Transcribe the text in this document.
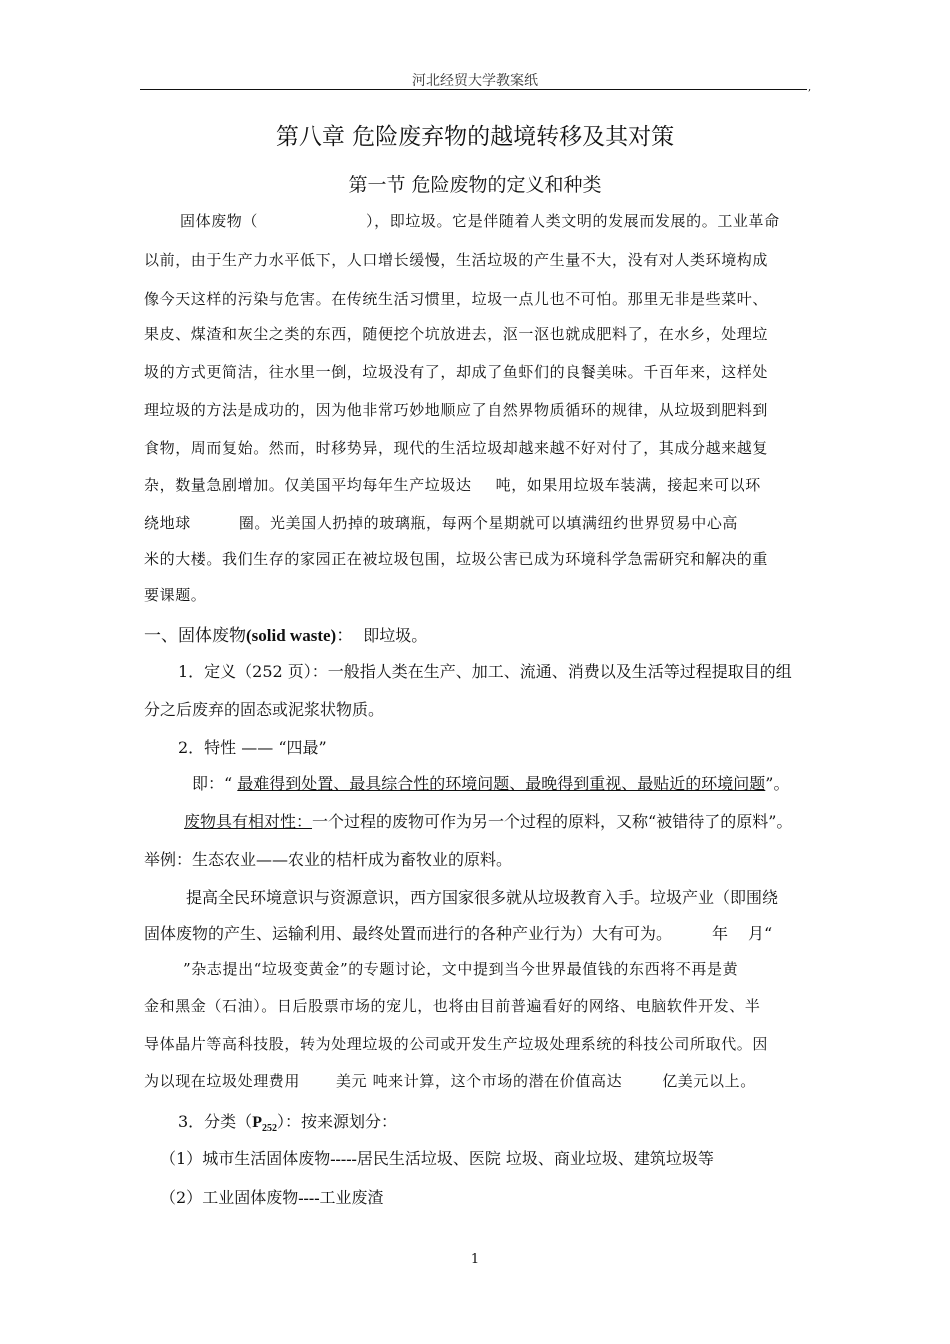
河北经贸大学教案纸	,
第八章 危险废弃物的越境转移及其对策
第一节 危险废物的定义和种类
固体废物（	），即垃圾。它是伴随着人类文明的发展而发展的。工业革命
以前，由于生产力水平低下，人口增长缓慢，生活垃圾的产生量不大，没有对人类环境构成
像今天这样的污染与危害。在传统生活习惯里，垃圾一点儿也不可怕。那里无非是些菜叶、
果皮、煤渣和灰尘之类的东西，随便挖个坑放进去，沤一沤也就成肥料了，在水乡，处理垃
圾的方式更简洁，往水里一倒，垃圾没有了，却成了鱼虾们的良餐美味。千百年来，这样处
理垃圾的方法是成功的，因为他非常巧妙地顺应了自然界物质循环的规律，从垃圾到肥料到
食物，周而复始。然而，时移势异，现代的生活垃圾却越来越不好对付了，其成分越来越复
杂，数量急剧增加。仅美国平均每年生产垃圾达 吨，如果用垃圾车装满，接起来可以环
绕地球	圈。光美国人扔掉的玻璃瓶，每两个星期就可以填满纽约世界贸易中心高
米的大楼。我们生存的家园正在被垃圾包围，垃圾公害已成为环境科学急需研究和解决的重
要课题。
一、固体废物(solid waste)： 即垃圾。
1．定义（252 页）：一般指人类在生产、加工、流通、消费以及生活等过程提取目的组
分之后废弃的固态或泥浆状物质。
2．特性 —— “四最”
即：“ 最难得到处置、最具综合性的环境问题、最晚得到重视、最贴近的环境问题”。
废物具有相对性：一个过程的废物可作为另一个过程的原料，又称“被错待了的原料”。
举例：生态农业——农业的桔杆成为畜牧业的原料。
提高全民环境意识与资源意识，西方国家很多就从垃圾教育入手。垃圾产业（即围绕
固体废物的产生、运输利用、最终处置而进行的各种产业行为）大有可为。	年 月“
”杂志提出“垃圾变黄金”的专题讨论，文中提到当今世界最值钱的东西将不再是黄
金和黑金（石油）。日后股票市场的宠儿，也将由目前普遍看好的网络、电脑软件开发、半
导体晶片等高科技股，转为处理垃圾的公司或开发生产垃圾处理系统的科技公司所取代。因
为以现在垃圾处理费用 美元 吨来计算，这个市场的潜在价值高达	亿美元以上。
3．分类$(P_{252})$：按来源划分：
（1）城市生活固体废物-----居民生活垃圾、医院 垃圾、商业垃圾、建筑垃圾等
（2）工业固体废物----工业废渣
1
